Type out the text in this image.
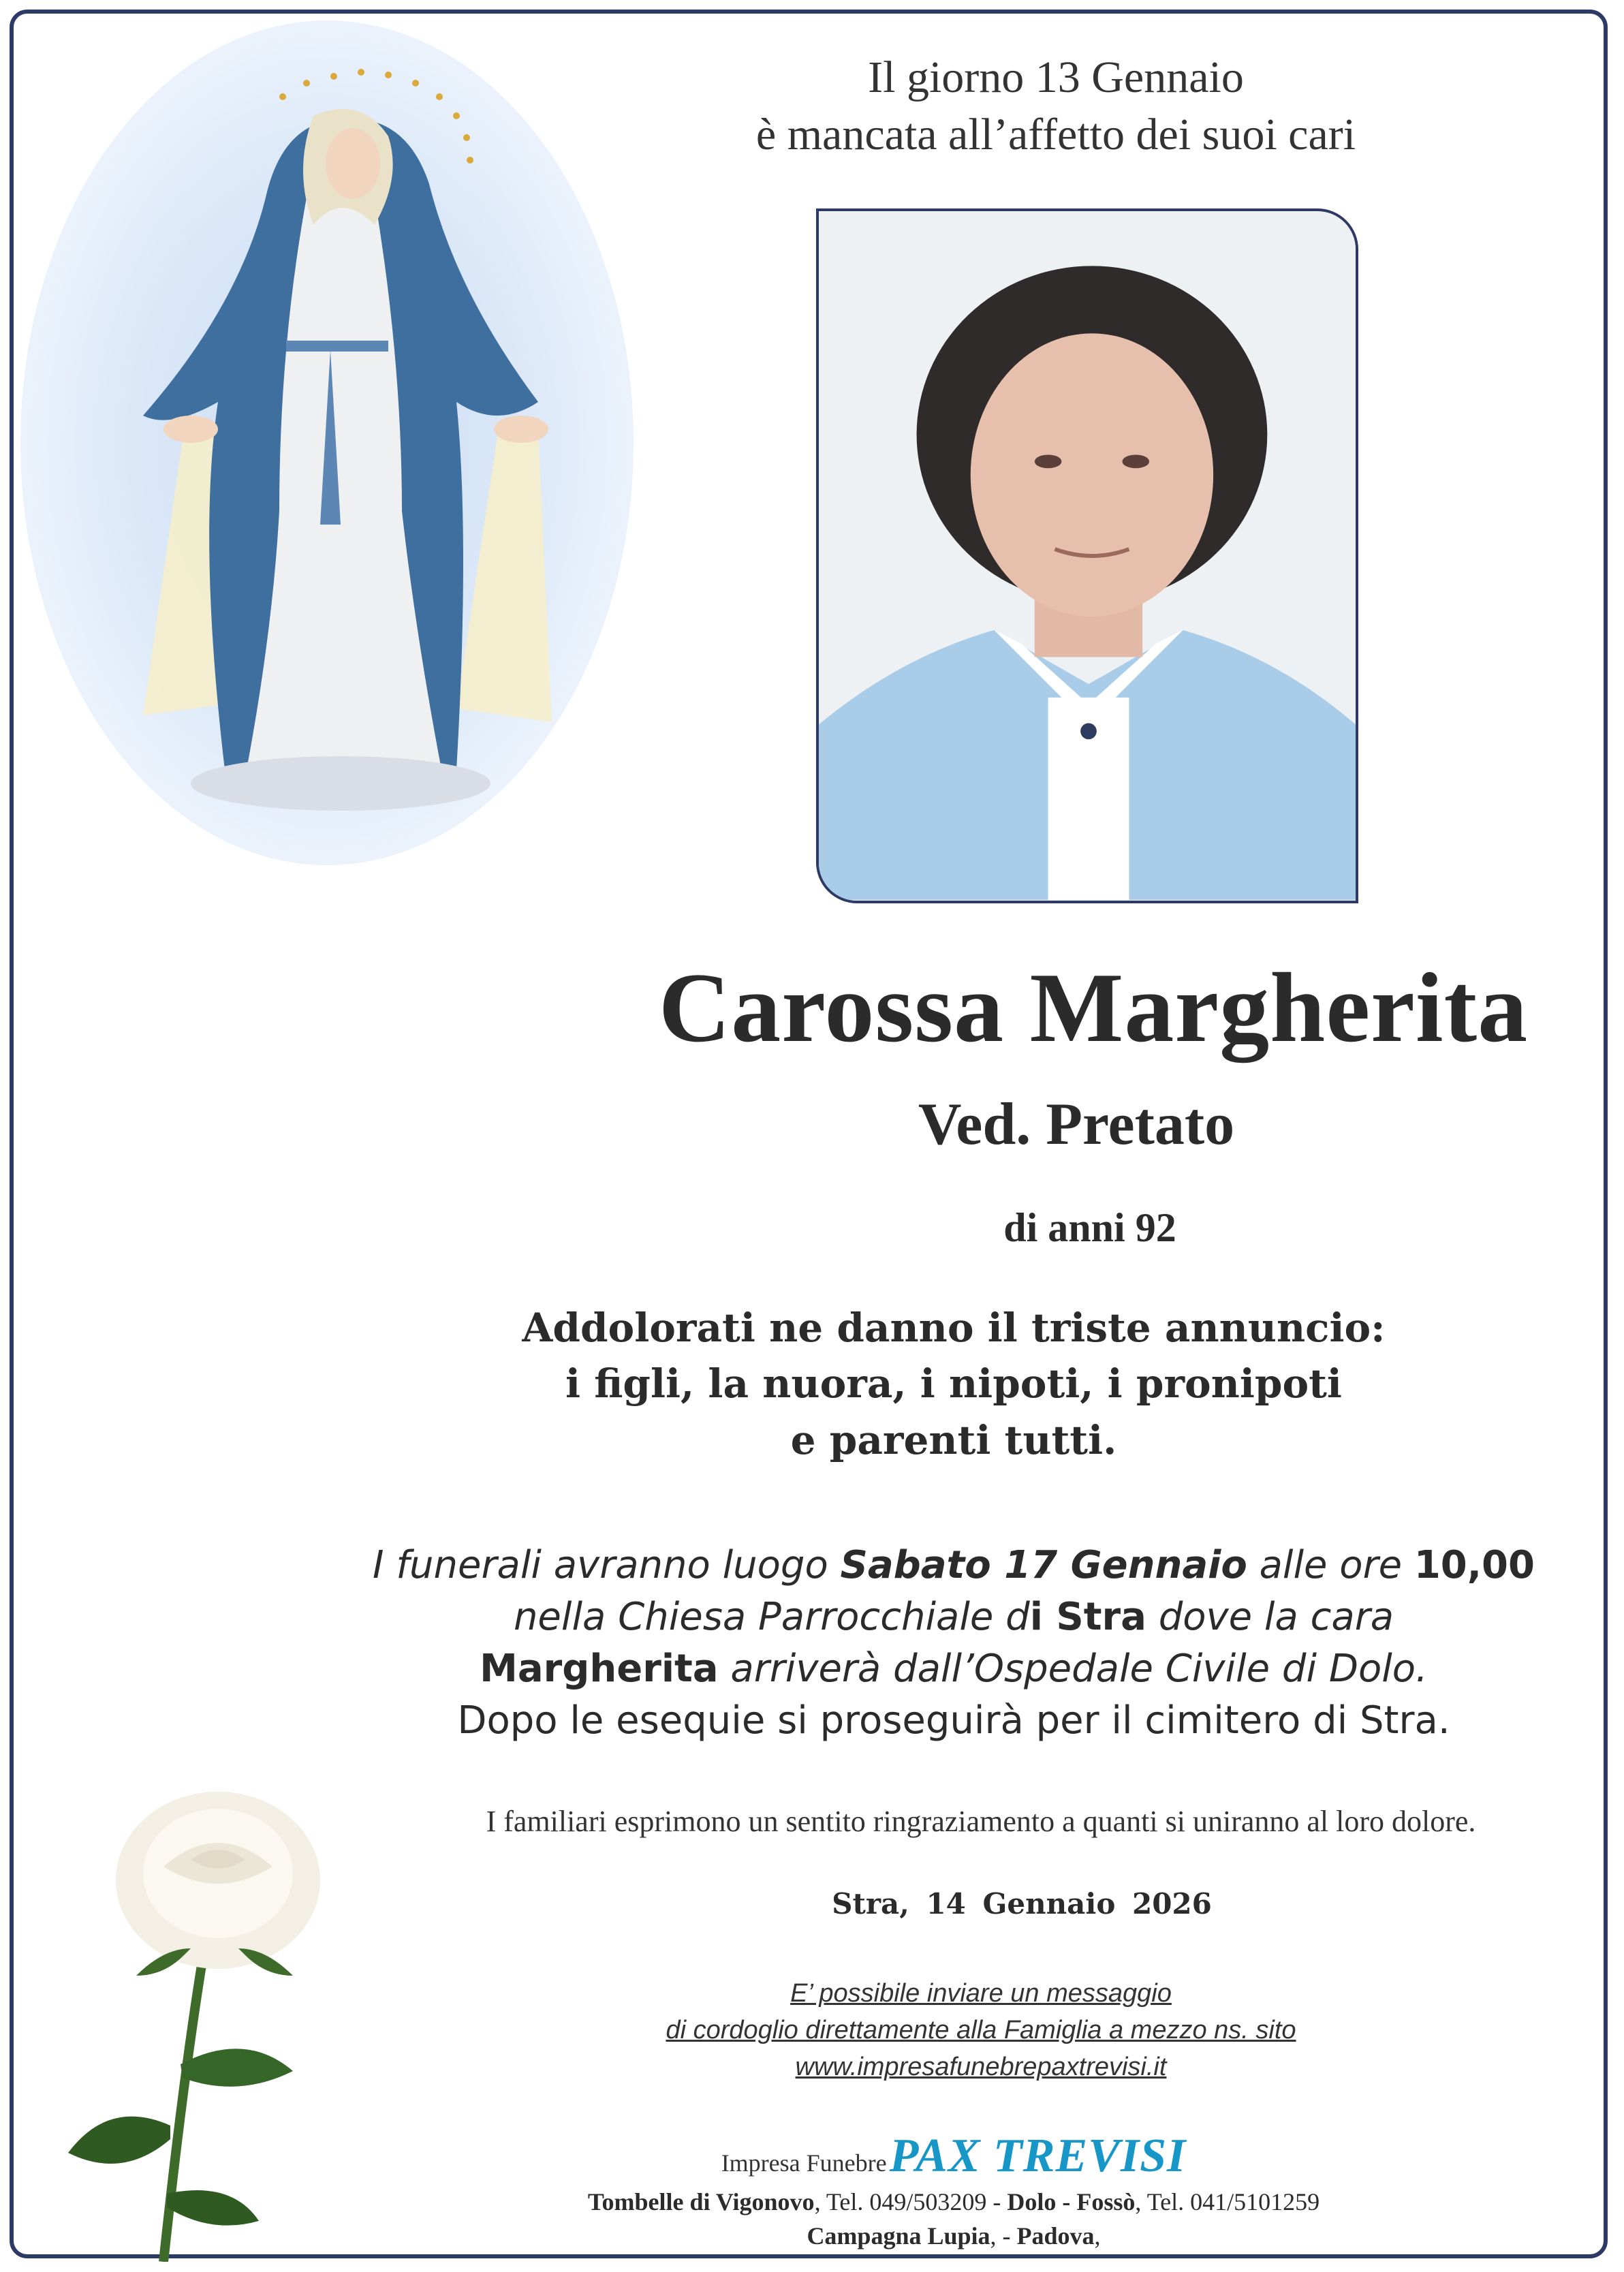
Il giorno 13 Gennaio
è mancata all’affetto dei suoi cari
Carossa Margherita
Ved. Pretato
di anni 92
Addolorati ne danno il triste annuncio:
i figli, la nuora, i nipoti, i pronipoti
e parenti tutti.
I funerali avranno luogo Sabato 17 Gennaio alle ore 10,00
nella Chiesa Parrocchiale di Stra dove la cara
Margherita arriverà dall’Ospedale Civile di Dolo.
Dopo le esequie si proseguirà per il cimitero di Stra.
I familiari esprimono un sentito ringraziamento a quanti si uniranno al loro dolore.
Stra, 14 Gennaio 2026
E’ possibile inviare un messaggio
di cordoglio direttamente alla Famiglia a mezzo ns. sito
www.impresafunebrepaxtrevisi.it
Impresa Funebre PAX TREVISI
Tombelle di Vigonovo, Tel. 049/503209 - Dolo - Fossò, Tel. 041/5101259
Campagna Lupia, - Padova,
